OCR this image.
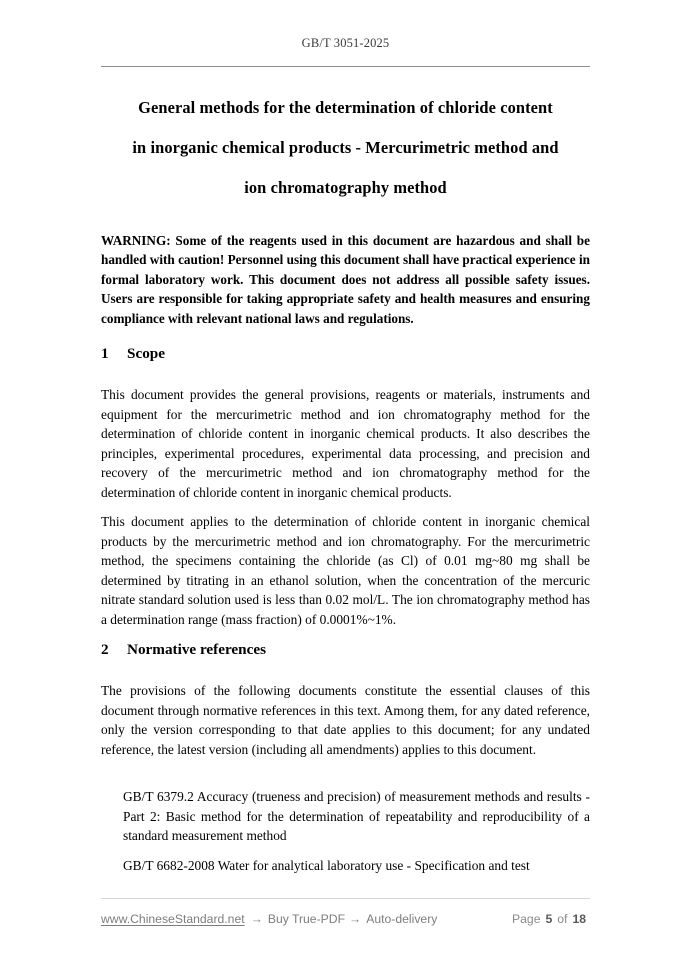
GB/T 3051-2025
General methods for the determination of chloride content
in inorganic chemical products - Mercurimetric method and
ion chromatography method
WARNING: Some of the reagents used in this document are hazardous and shall be handled with caution! Personnel using this document shall have practical experience in formal laboratory work. This document does not address all possible safety issues. Users are responsible for taking appropriate safety and health measures and ensuring compliance with relevant national laws and regulations.
1 Scope
This document provides the general provisions, reagents or materials, instruments and equipment for the mercurimetric method and ion chromatography method for the determination of chloride content in inorganic chemical products. It also describes the principles, experimental procedures, experimental data processing, and precision and recovery of the mercurimetric method and ion chromatography method for the determination of chloride content in inorganic chemical products.
This document applies to the determination of chloride content in inorganic chemical products by the mercurimetric method and ion chromatography. For the mercurimetric method, the specimens containing the chloride (as Cl) of 0.01 mg~80 mg shall be determined by titrating in an ethanol solution, when the concentration of the mercuric nitrate standard solution used is less than 0.02 mol/L. The ion chromatography method has a determination range (mass fraction) of 0.0001%~1%.
2 Normative references
The provisions of the following documents constitute the essential clauses of this document through normative references in this text. Among them, for any dated reference, only the version corresponding to that date applies to this document; for any undated reference, the latest version (including all amendments) applies to this document.
GB/T 6379.2 Accuracy (trueness and precision) of measurement methods and results - Part 2: Basic method for the determination of repeatability and reproducibility of a standard measurement method
GB/T 6682-2008 Water for analytical laboratory use - Specification and test
www.ChineseStandard.net → Buy True-PDF → Auto-delivery	Page 5 of 18
